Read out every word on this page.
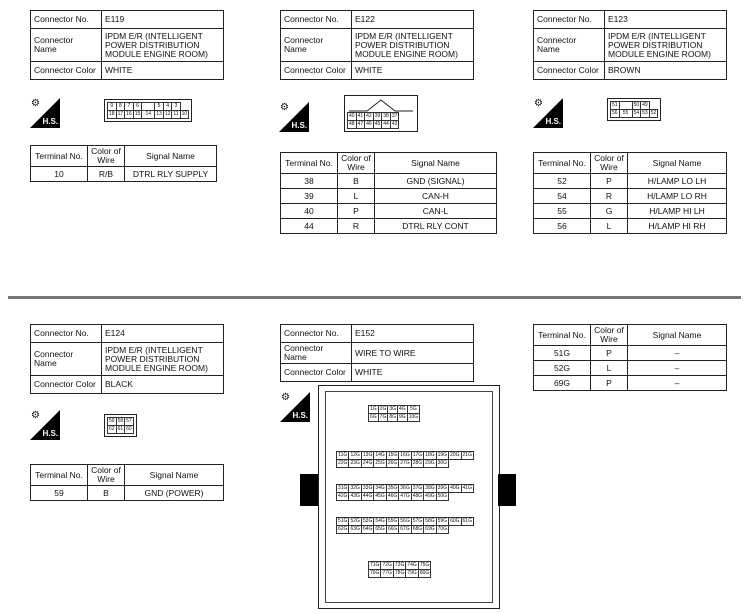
Connector No.	E119
Connector Name	IPDM E/R (INTELLIGENT POWER DISTRIBUTION MODULE ENGINE ROOM)
Connector Color	WHITE
⚙
H.S.
9	8	7	6		5	4	3	
18	17	16	15	14	13	12	11	10
Terminal No.	Color of Wire	Signal Name
10	R/B	DTRL RLY SUPPLY
Connector No.	E122
Connector Name	IPDM E/R (INTELLIGENT POWER DISTRIBUTION MODULE ENGINE ROOM)
Connector Color	WHITE
⚙
H.S.
40	41	42	39	38	37
48	47	46	45	44	43
Terminal No.	Color of Wire	Signal Name
38	B	GND (SIGNAL)
39	L	CAN-H
40	P	CAN-L
44	R	DTRL RLY CONT
Connector No.	E123
Connector Name	IPDM E/R (INTELLIGENT POWER DISTRIBUTION MODULE ENGINE ROOM)
Connector Color	BROWN
⚙
H.S.
51		50	49	
56	55	54	53	52
Terminal No.	Color of Wire	Signal Name
52	P	H/LAMP LO LH
54	R	H/LAMP LO RH
55	G	H/LAMP HI LH
56	L	H/LAMP HI RH
Connector No.	E124
Connector Name	IPDM E/R (INTELLIGENT POWER DISTRIBUTION MODULE ENGINE ROOM)
Connector Color	BLACK
⚙
H.S.
59	58	57
62	61	60
Terminal No.	Color of Wire	Signal Name
59	B	GND (POWER)
Connector No.	E152
Connector Name	WIRE TO WIRE
Connector Color	WHITE
⚙
H.S.
1G	2G	3G	4G	5G
6G	7G	8G	9G	10G
11G	12G	13G	14G	15G	16G	17G	18G	19G	20G	21G
22G	23G	24G	25G	26G	27G	28G	29G	30G		
31G	32G	33G	34G	35G	36G	37G	38G	39G	40G	41G
42G	43G	44G	45G	46G	47G	48G	49G	50G		
51G	52G	53G	54G	55G	56G	57G	58G	59G	60G	61G
62G	63G	64G	65G	66G	67G	68G	69G	70G		
71G	72G	73G	74G	75G
76G	77G	78G	79G	80G
Terminal No.	Color of Wire	Signal Name
51G	P	–
52G	L	–
69G	P	–
